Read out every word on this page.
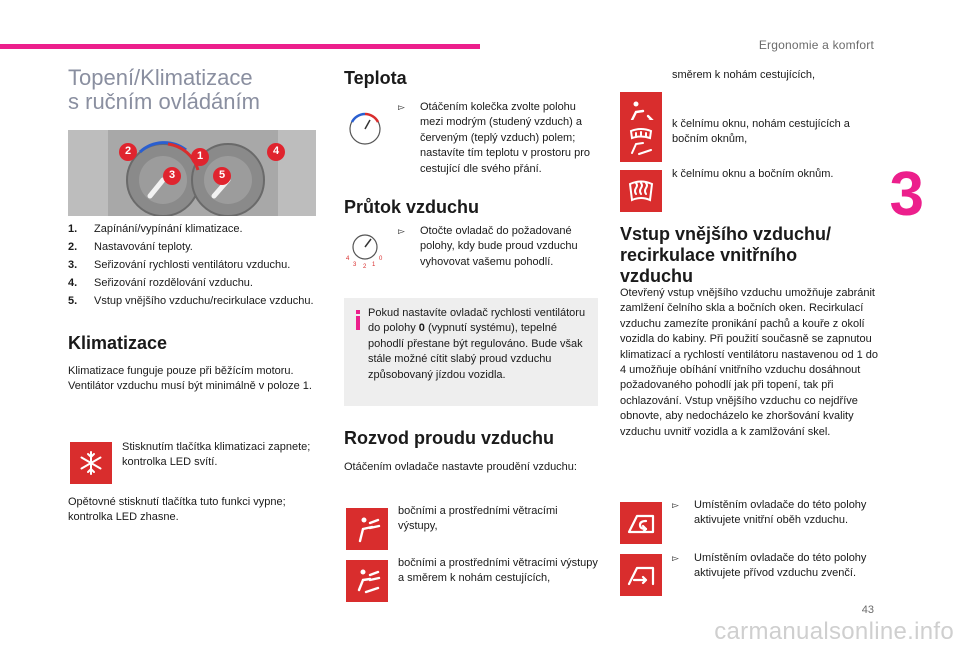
Ergonomie a komfort
3
Topení/Klimatizace
s ručním ovládáním
2	1	4
3	5
1.	Zapínání/vypínání klimatizace.
2.	Nastavování teploty.
3.	Seřizování rychlosti ventilátoru vzduchu.
4.	Seřizování rozdělování vzduchu.
5.	Vstup vnějšího vzduchu/recirkulace vzduchu.
Klimatizace
Klimatizace funguje pouze při běžícím motoru. Ventilátor vzduchu musí být minimálně v poloze 1.
Stisknutím tlačítka klimatizaci zapnete; kontrolka LED svítí.
Opětovné stisknutí tlačítka tuto funkci vypne; kontrolka LED zhasne.
Teplota
▻ Otáčením kolečka zvolte polohu mezi modrým (studený vzduch) a červeným (teplý vzduch) polem; nastavíte tím teplotu v prostoru pro cestující dle svého přání.
Průtok vzduchu
4
3 2 1
0
▻ Otočte ovladač do požadované polohy, kdy bude proud vzduchu vyhovovat vašemu pohodlí.
Pokud nastavíte ovladač rychlosti ventilátoru do polohy 0 (vypnutí systému), tepelné pohodlí přestane být regulováno. Bude však stále možné cítit slabý proud vzduchu způsobovaný jízdou vozidla.
Rozvod proudu vzduchu
Otáčením ovladače nastavte proudění vzduchu:
bočními a prostředními větracími výstupy,
bočními a prostředními větracími výstupy a směrem k nohám cestujících,
směrem k nohám cestujících,
k čelnímu oknu, nohám cestujících a bočním oknům,
k čelnímu oknu a bočním oknům.
Vstup vnějšího vzduchu/
recirkulace vnitřního
vzduchu
Otevřený vstup vnějšího vzduchu umožňuje zabránit zamlžení čelního skla a bočních oken. Recirkulací vzduchu zamezíte pronikání pachů a kouře z okolí vozidla do kabiny. Při použití současně se zapnutou klimatizací a rychlostí ventilátoru nastavenou od 1 do 4 umožňuje obíhání vnitřního vzduchu dosáhnout požadovaného pohodlí jak při topení, tak při ochlazování. Vstup vnějšího vzduchu co nejdříve obnovte, aby nedocházelo ke zhoršování kvality vzduchu uvnitř vozidla a k zamlžování skel.
▻ Umístěním ovladače do této polohy aktivujete vnitřní oběh vzduchu.
▻ Umístěním ovladače do této polohy aktivujete přívod vzduchu zvenčí.
43
carmanualsonline.info
